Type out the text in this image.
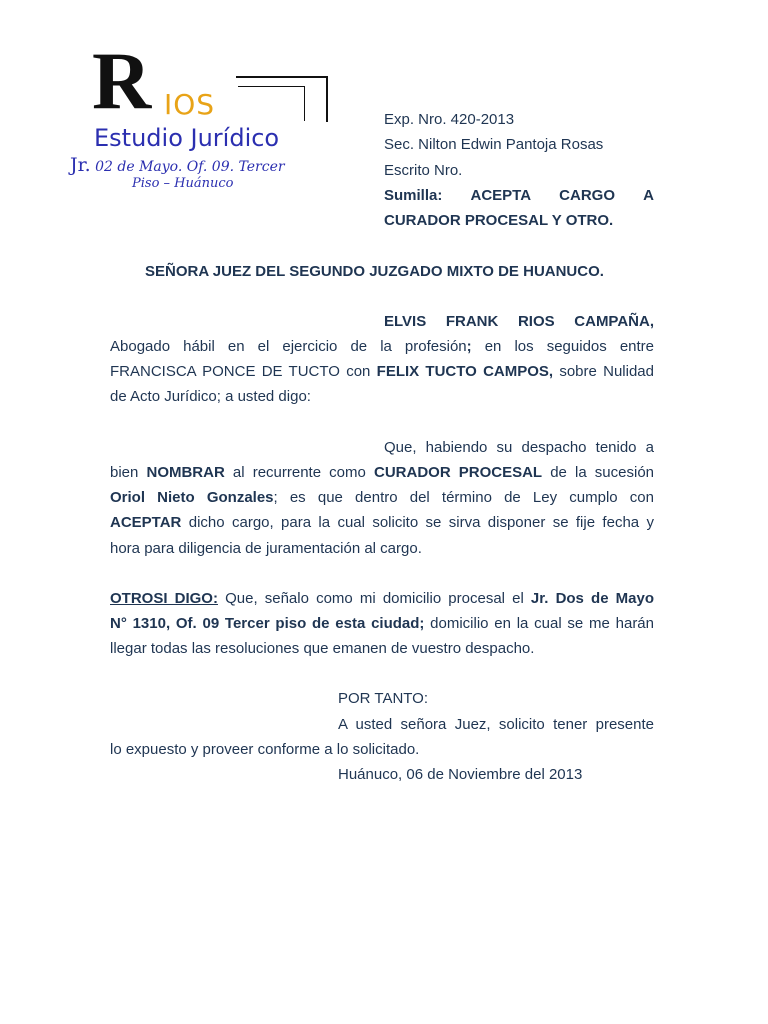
R IOS
Estudio Jurídico
Jr. 02 de Mayo. Of. 09. Tercer
Piso – Huánuco
Exp. Nro. 420-2013
Sec. Nilton Edwin Pantoja Rosas
Escrito Nro.
Sumilla: ACEPTA CARGO A
CURADOR PROCESAL Y OTRO.
SEÑORA JUEZ DEL SEGUNDO JUZGADO MIXTO DE HUANUCO.
ELVIS FRANK RIOS CAMPAÑA,
Abogado hábil en el ejercicio de la profesión; en los seguidos entre
FRANCISCA PONCE DE TUCTO con FELIX TUCTO CAMPOS, sobre Nulidad
de Acto Jurídico; a usted digo:
Que, habiendo su despacho tenido a
bien NOMBRAR al recurrente como CURADOR PROCESAL de la sucesión
Oriol Nieto Gonzales; es que dentro del término de Ley cumplo con
ACEPTAR dicho cargo, para la cual solicito se sirva disponer se fije fecha y
hora para diligencia de juramentación al cargo.
OTROSI DIGO: Que, señalo como mi domicilio procesal el Jr. Dos de Mayo
N° 1310, Of. 09 Tercer piso de esta ciudad; domicilio en la cual se me harán
llegar todas las resoluciones que emanen de vuestro despacho.
POR TANTO:
A usted señora Juez, solicito tener presente
lo expuesto y proveer conforme a lo solicitado.
Huánuco, 06 de Noviembre del 2013
